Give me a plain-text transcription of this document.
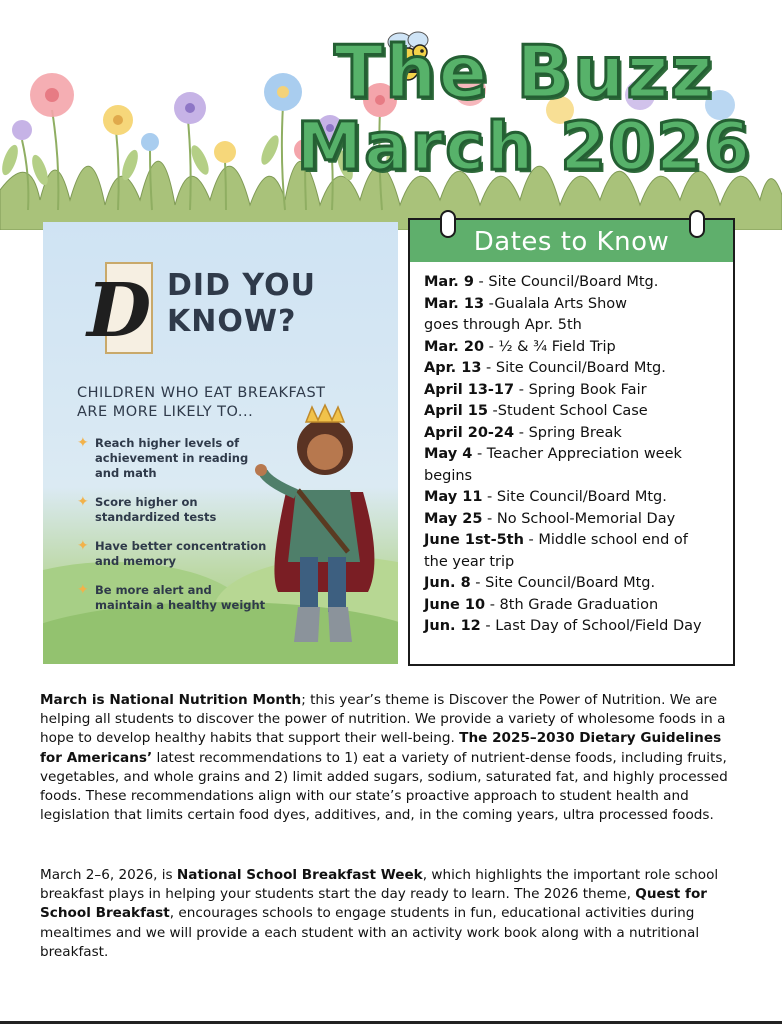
The Buzz
March 2026
D DID YOU
KNOW?
CHILDREN WHO EAT BREAKFAST
ARE MORE LIKELY TO...
✦ Reach higher levels of
achievement in reading
and math
✦ Score higher on
standardized tests
✦ Have better concentration
and memory
✦ Be more alert and
maintain a healthy weight
Dates to Know
Mar. 9 - Site Council/Board Mtg.
Mar. 13 -Gualala Arts Show
goes through Apr. 5th
Mar. 20 - ½ & ¾ Field Trip
Apr. 13 - Site Council/Board Mtg.
April 13-17 - Spring Book Fair
April 15 -Student School Case
April 20-24 - Spring Break
May 4 - Teacher Appreciation week
begins
May 11 - Site Council/Board Mtg.
May 25 - No School-Memorial Day
June 1st-5th - Middle school end of
the year trip
Jun. 8 - Site Council/Board Mtg.
June 10 - 8th Grade Graduation
Jun. 12 - Last Day of School/Field Day
March is National Nutrition Month; this year’s theme is Discover the Power of Nutrition. We are helping all students to discover the power of nutrition. We provide a variety of wholesome foods in a hope to develop healthy habits that support their well-being. The 2025–2030 Dietary Guidelines for Americans’ latest recommendations to 1) eat a variety of nutrient-dense foods, including fruits, vegetables, and whole grains and 2) limit added sugars, sodium, saturated fat, and highly processed foods. These recommendations align with our state’s proactive approach to student health and legislation that limits certain food dyes, additives, and, in the coming years, ultra processed foods.
March 2–6, 2026, is National School Breakfast Week, which highlights the important role school breakfast plays in helping your students start the day ready to learn. The 2026 theme, Quest for School Breakfast, encourages schools to engage students in fun, educational activities during mealtimes and we will provide a each student with an activity work book along with a nutritional breakfast.
